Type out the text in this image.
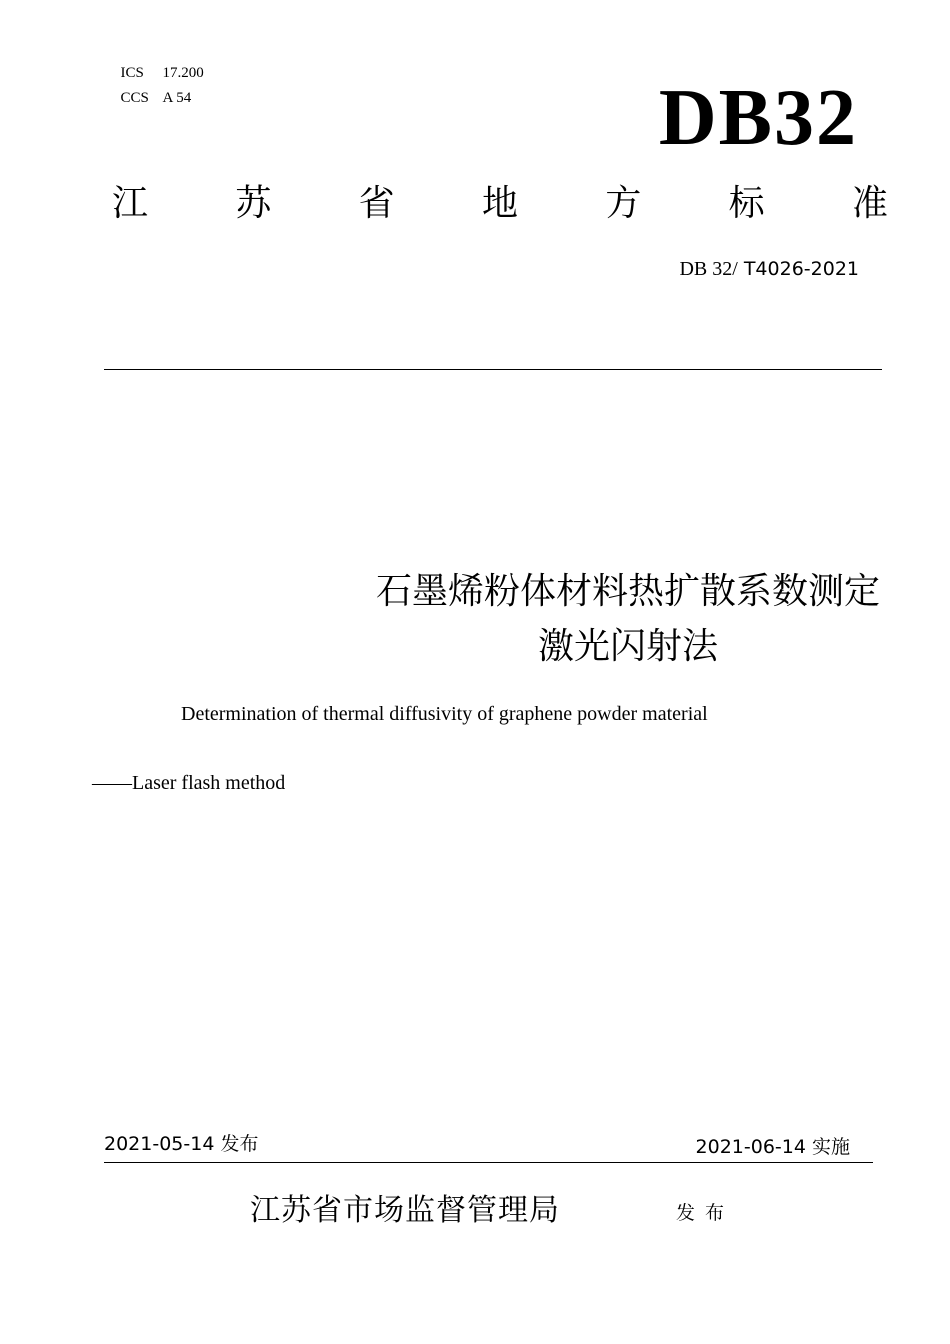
ICS 17.200

CCS A 54	DB32
江 苏 省 地 方 标 准
DB 32/ T4026-2021
石墨烯粉体材料热扩散系数测定
激光闪射法
Determination of thermal diffusivity of graphene powder material
——Laser flash method
2021-05-14 发布	2021-06-14 实施
江苏省市场监督管理局	发布
